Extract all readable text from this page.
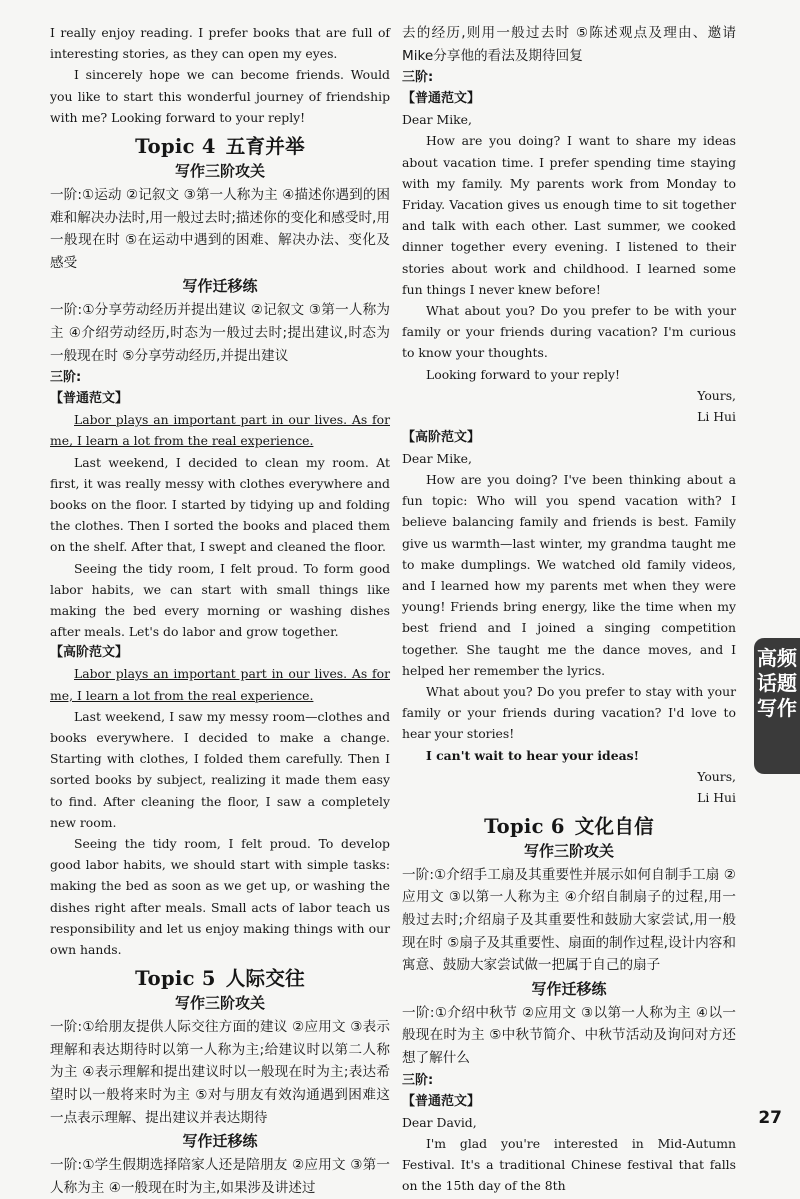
I really enjoy reading. I prefer books that are full of interesting stories, as they can open my eyes.

I sincerely hope we can become friends. Would you like to start this wonderful journey of friendship with me? Looking forward to your reply!

Topic 4 五育并举
写作三阶攻关

一阶:①运动 ②记叙文 ③第一人称为主 ④描述你遇到的困难和解决办法时,用一般过去时;描述你的变化和感受时,用一般现在时 ⑤在运动中遇到的困难、解决办法、变化及感受

写作迁移练

一阶:①分享劳动经历并提出建议 ②记叙文 ③第一人称为主 ④介绍劳动经历,时态为一般过去时;提出建议,时态为一般现在时 ⑤分享劳动经历,并提出建议

三阶:

【普通范文】

Labor plays an important part in our lives. As for me, I learn a lot from the real experience.

Last weekend, I decided to clean my room. At first, it was really messy with clothes everywhere and books on the floor. I started by tidying up and folding the clothes. Then I sorted the books and placed them on the shelf. After that, I swept and cleaned the floor.

Seeing the tidy room, I felt proud. To form good labor habits, we can start with small things like making the bed every morning or washing dishes after meals. Let's do labor and grow together.

【高阶范文】

Labor plays an important part in our lives. As for me, I learn a lot from the real experience.

Last weekend, I saw my messy room—clothes and books everywhere. I decided to make a change. Starting with clothes, I folded them carefully. Then I sorted books by subject, realizing it made them easy to find. After cleaning the floor, I saw a completely new room.

Seeing the tidy room, I felt proud. To develop good labor habits, we should start with simple tasks: making the bed as soon as we get up, or washing the dishes right after meals. Small acts of labor teach us responsibility and let us enjoy making things with our own hands.

Topic 5 人际交往
写作三阶攻关

一阶:①给朋友提供人际交往方面的建议 ②应用文 ③表示理解和表达期待时以第一人称为主;给建议时以第二人称为主 ④表示理解和提出建议时以一般现在时为主;表达希望时以一般将来时为主 ⑤对与朋友有效沟通遇到困难这一点表示理解、提出建议并表达期待

写作迁移练

一阶:①学生假期选择陪家人还是陪朋友 ②应用文 ③第一人称为主 ④一般现在时为主,如果涉及讲述过

去的经历,则用一般过去时 ⑤陈述观点及理由、邀请Mike分享他的看法及期待回复

三阶:

【普通范文】

Dear Mike,

How are you doing? I want to share my ideas about vacation time. I prefer spending time staying with my family. My parents work from Monday to Friday. Vacation gives us enough time to sit together and talk with each other. Last summer, we cooked dinner together every evening. I listened to their stories about work and childhood. I learned some fun things I never knew before!

What about you? Do you prefer to be with your family or your friends during vacation? I'm curious to know your thoughts.

Looking forward to your reply!

Yours,

Li Hui

【高阶范文】

Dear Mike,

How are you doing? I've been thinking about a fun topic: Who will you spend vacation with? I believe balancing family and friends is best. Family give us warmth—last winter, my grandma taught me to make dumplings. We watched old family videos, and I learned how my parents met when they were young! Friends bring energy, like the time when my best friend and I joined a singing competition together. She taught me the dance moves, and I helped her remember the lyrics.

What about you? Do you prefer to stay with your family or your friends during vacation? I'd love to hear your stories!

I can't wait to hear your ideas!

Yours,

Li Hui

Topic 6 文化自信
写作三阶攻关

一阶:①介绍手工扇及其重要性并展示如何自制手工扇 ②应用文 ③以第一人称为主 ④介绍自制扇子的过程,用一般过去时;介绍扇子及其重要性和鼓励大家尝试,用一般现在时 ⑤扇子及其重要性、扇面的制作过程,设计内容和寓意、鼓励大家尝试做一把属于自己的扇子

写作迁移练

一阶:①介绍中秋节 ②应用文 ③以第一人称为主 ④以一般现在时为主 ⑤中秋节简介、中秋节活动及询问对方还想了解什么

三阶:

【普通范文】

Dear David,

I'm glad you're interested in Mid-Autumn Festival. It's a traditional Chinese festival that falls on the 15th day of the 8th

高频话题写作
27
